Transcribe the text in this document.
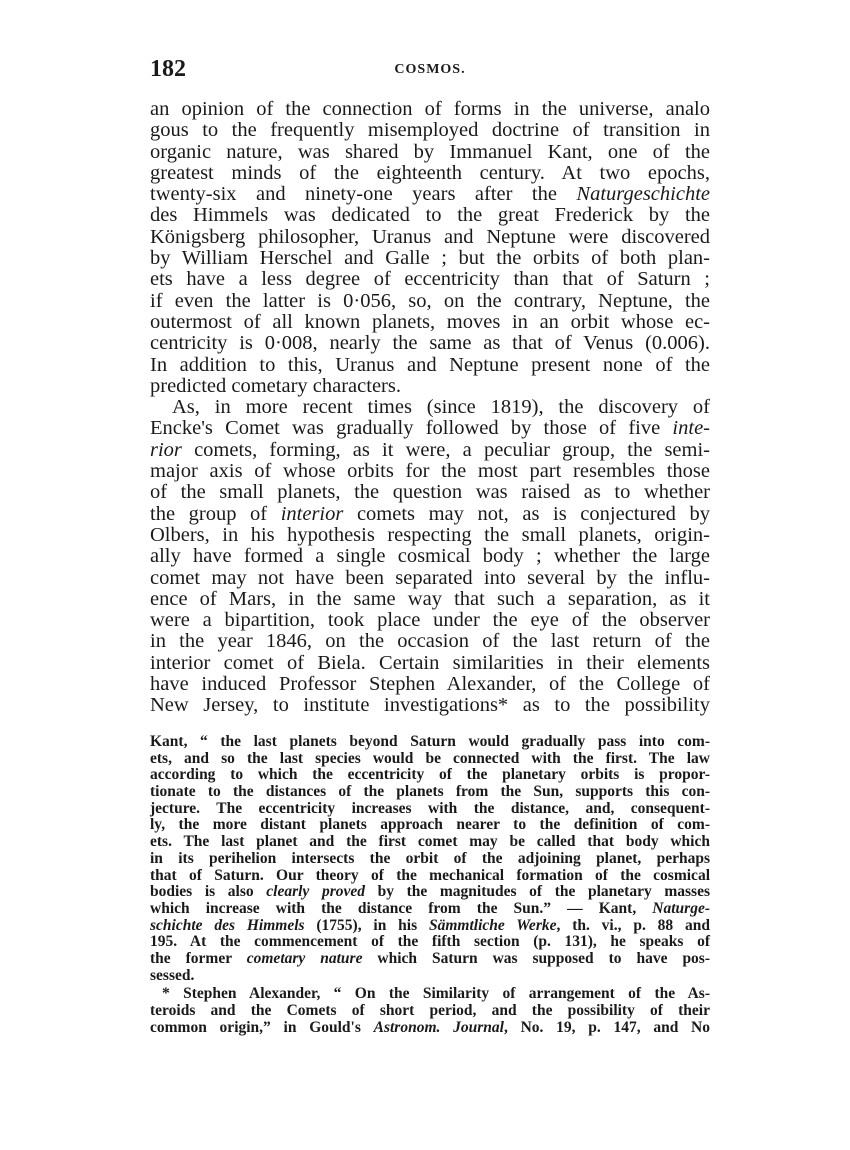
182	COSMOS.
an opinion of the connection of forms in the universe, analo
gous to the frequently misemployed doctrine of transition in
organic nature, was shared by Immanuel Kant, one of the
greatest minds of the eighteenth century. At two epochs,
twenty-six and ninety-one years after the Naturgeschichte
des Himmels was dedicated to the great Frederick by the
Königsberg philosopher, Uranus and Neptune were discovered
by William Herschel and Galle ; but the orbits of both plan-
ets have a less degree of eccentricity than that of Saturn ;
if even the latter is 0·056, so, on the contrary, Neptune, the
outermost of all known planets, moves in an orbit whose ec-
centricity is 0·008, nearly the same as that of Venus (0.006).
In addition to this, Uranus and Neptune present none of the
predicted cometary characters.
As, in more recent times (since 1819), the discovery of
Encke's Comet was gradually followed by those of five inte-
rior comets, forming, as it were, a peculiar group, the semi-
major axis of whose orbits for the most part resembles those
of the small planets, the question was raised as to whether
the group of interior comets may not, as is conjectured by
Olbers, in his hypothesis respecting the small planets, origin-
ally have formed a single cosmical body ; whether the large
comet may not have been separated into several by the influ-
ence of Mars, in the same way that such a separation, as it
were a bipartition, took place under the eye of the observer
in the year 1846, on the occasion of the last return of the
interior comet of Biela. Certain similarities in their elements
have induced Professor Stephen Alexander, of the College of
New Jersey, to institute investigations* as to the possibility
Kant, “ the last planets beyond Saturn would gradually pass into com-
ets, and so the last species would be connected with the first. The law
according to which the eccentricity of the planetary orbits is propor-
tionate to the distances of the planets from the Sun, supports this con-
jecture. The eccentricity increases with the distance, and, consequent-
ly, the more distant planets approach nearer to the definition of com-
ets. The last planet and the first comet may be called that body which
in its perihelion intersects the orbit of the adjoining planet, perhaps
that of Saturn. Our theory of the mechanical formation of the cosmical
bodies is also clearly proved by the magnitudes of the planetary masses
which increase with the distance from the Sun.” — Kant, Naturge-
schichte des Himmels (1755), in his Sämmtliche Werke, th. vi., p. 88 and
195. At the commencement of the fifth section (p. 131), he speaks of
the former cometary nature which Saturn was supposed to have pos-
sessed.
* Stephen Alexander, “ On the Similarity of arrangement of the As-
teroids and the Comets of short period, and the possibility of their
common origin,” in Gould's Astronom. Journal, No. 19, p. 147, and No
